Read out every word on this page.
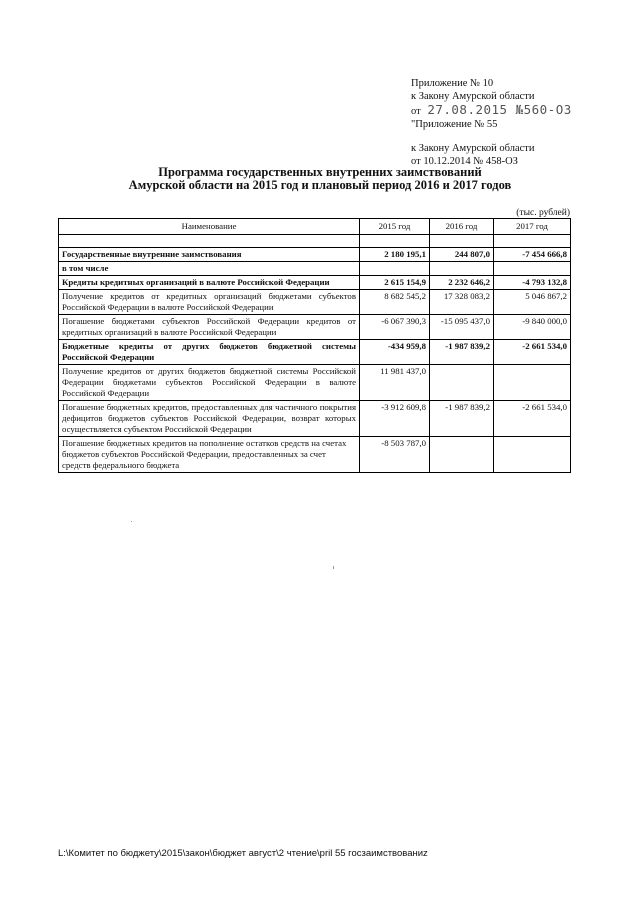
Приложение № 10
к Закону Амурской области
от 27.08.2015 №560-ОЗ
"Приложение № 55
к Закону Амурской области
от 10.12.2014 № 458-ОЗ
Программа государственных внутренних заимствований
Амурской области на 2015 год и плановый период 2016 и 2017 годов
(тыс. рублей)
Наименование	2015 год	2016 год	2017 год

Государственные внутренние заимствования	2 180 195,1	244 807,0	-7 454 666,8
в том числе			
Кредиты кредитных организаций в валюте Российской Федерации	2 615 154,9	2 232 646,2	-4 793 132,8
Получение кредитов от кредитных организаций бюджетами субъектов Российской Федерации в валюте Российской Федерации	8 682 545,2	17 328 083,2	5 046 867,2
Погашение бюджетами субъектов Российской Федерации кредитов от кредитных организаций в валюте Российской Федерации	-6 067 390,3	-15 095 437,0	-9 840 000,0
Бюджетные кредиты от других бюджетов бюджетной системы Российской Федерации	-434 959,8	-1 987 839,2	-2 661 534,0
Получение кредитов от других бюджетов бюджетной системы Российской Федерации бюджетами субъектов Российской Федерации в валюте Российской Федерации	11 981 437,0		
Погашение бюджетных кредитов, предоставленных для частичного покрытия дефицитов бюджетов субъектов Российской Федерации, возврат которых осуществляется субъектом Российской Федерации	-3 912 609,8	-1 987 839,2	-2 661 534,0
Погашение бюджетных кредитов на пополнение остатков средств на счетах бюджетов субъектов Российской Федерации, предоставленных за счет средств федерального бюджета	-8 503 787,0		
L:\Комитет по бюджету\2015\закон\бюджет август\2 чтение\pril 55 госзаимствованиz
